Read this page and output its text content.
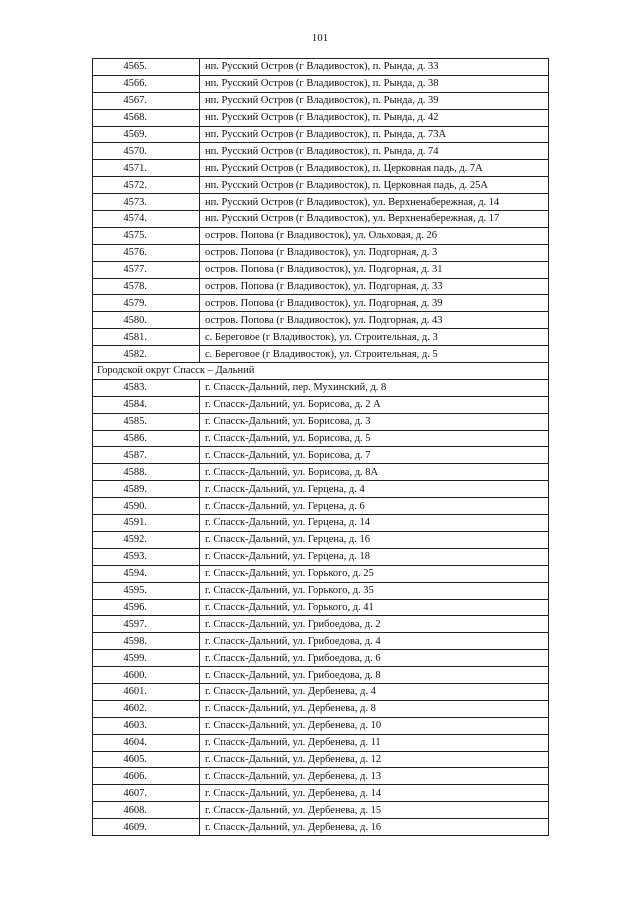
101
4565.	нп. Русский Остров (г Владивосток), п. Рында, д. 33
4566.	нп. Русский Остров (г Владивосток), п. Рында, д. 38
4567.	нп. Русский Остров (г Владивосток), п. Рында, д. 39
4568.	нп. Русский Остров (г Владивосток), п. Рында, д. 42
4569.	нп. Русский Остров (г Владивосток), п. Рында, д. 73А
4570.	нп. Русский Остров (г Владивосток), п. Рында, д. 74
4571.	нп. Русский Остров (г Владивосток), п. Церковная падь, д. 7А
4572.	нп. Русский Остров (г Владивосток), п. Церковная падь, д. 25А
4573.	нп. Русский Остров (г Владивосток), ул. Верхненабережная, д. 14
4574.	нп. Русский Остров (г Владивосток), ул. Верхненабережная, д. 17
4575.	остров. Попова (г Владивосток), ул. Ольховая, д. 26
4576.	остров. Попова (г Владивосток), ул. Подгорная, д. 3
4577.	остров. Попова (г Владивосток), ул. Подгорная, д. 31
4578.	остров. Попова (г Владивосток), ул. Подгорная, д. 33
4579.	остров. Попова (г Владивосток), ул. Подгорная, д. 39
4580.	остров. Попова (г Владивосток), ул. Подгорная, д. 43
4581.	с. Береговое (г Владивосток), ул. Строительная, д. 3
4582.	с. Береговое (г Владивосток), ул. Строительная, д. 5
Городской округ Спасск – Дальний	
4583.	г. Спасск-Дальний, пер. Мухинский, д. 8
4584.	г. Спасск-Дальний, ул. Борисова, д. 2 А
4585.	г. Спасск-Дальний, ул. Борисова, д. 3
4586.	г. Спасск-Дальний, ул. Борисова, д. 5
4587.	г. Спасск-Дальний, ул. Борисова, д. 7
4588.	г. Спасск-Дальний, ул. Борисова, д. 8А
4589.	г. Спасск-Дальний, ул. Герцена, д. 4
4590.	г. Спасск-Дальний, ул. Герцена, д. 6
4591.	г. Спасск-Дальний, ул. Герцена, д. 14
4592.	г. Спасск-Дальний, ул. Герцена, д. 16
4593.	г. Спасск-Дальний, ул. Герцена, д. 18
4594.	г. Спасск-Дальний, ул. Горького, д. 25
4595.	г. Спасск-Дальний, ул. Горького, д. 35
4596.	г. Спасск-Дальний, ул. Горького, д. 41
4597.	г. Спасск-Дальний, ул. Грибоедова, д. 2
4598.	г. Спасск-Дальний, ул. Грибоедова, д. 4
4599.	г. Спасск-Дальний, ул. Грибоедова, д. 6
4600.	г. Спасск-Дальний, ул. Грибоедова, д. 8
4601.	г. Спасск-Дальний, ул. Дербенева, д. 4
4602.	г. Спасск-Дальний, ул. Дербенева, д. 8
4603.	г. Спасск-Дальний, ул. Дербенева, д. 10
4604.	г. Спасск-Дальний, ул. Дербенева, д. 11
4605.	г. Спасск-Дальний, ул. Дербенева, д. 12
4606.	г. Спасск-Дальний, ул. Дербенева, д. 13
4607.	г. Спасск-Дальний, ул. Дербенева, д. 14
4608.	г. Спасск-Дальний, ул. Дербенева, д. 15
4609.	г. Спасск-Дальний, ул. Дербенева, д. 16
